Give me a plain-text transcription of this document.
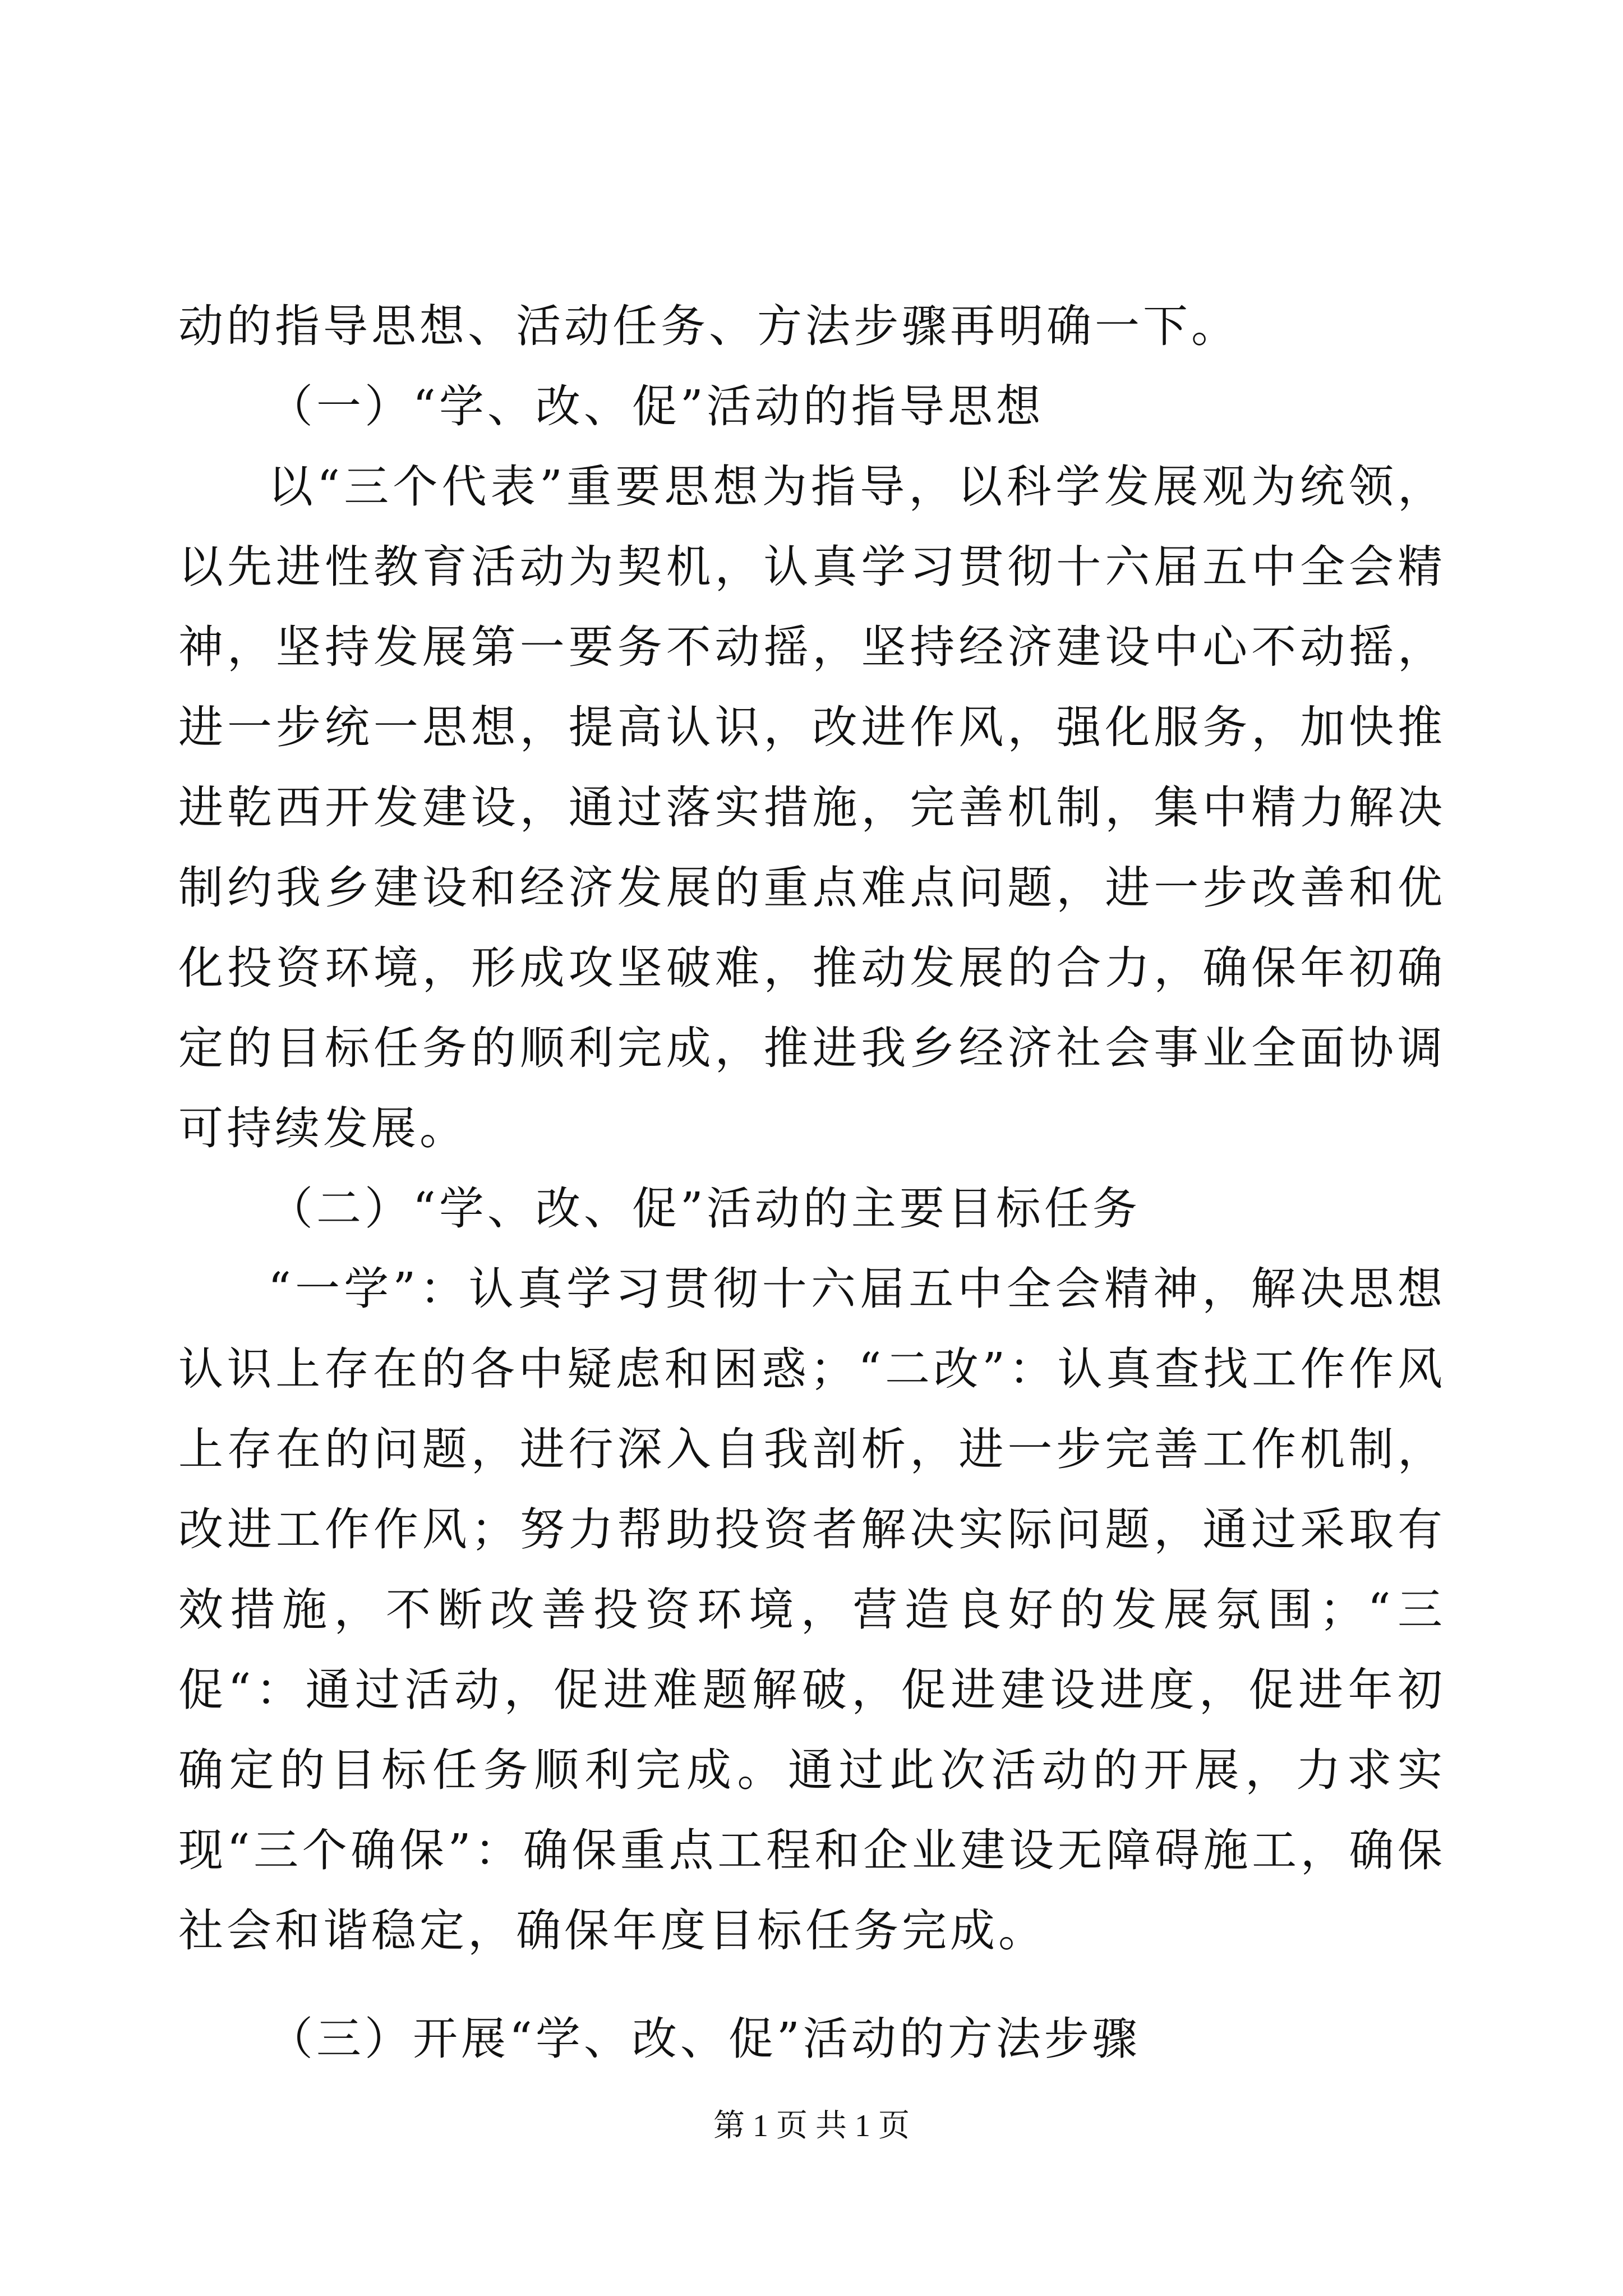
动的指导思想、活动任务、方法步骤再明确一下。

（一）“学、改、促”活动的指导思想

以“三个代表”重要思想为指导，以科学发展观为统领，以先进性教育活动为契机，认真学习贯彻十六届五中全会精神，坚持发展第一要务不动摇，坚持经济建设中心不动摇，进一步统一思想，提高认识，改进作风，强化服务，加快推进乾西开发建设，通过落实措施，完善机制，集中精力解决制约我乡建设和经济发展的重点难点问题，进一步改善和优化投资环境，形成攻坚破难，推动发展的合力，确保年初确定的目标任务的顺利完成，推进我乡经济社会事业全面协调可持续发展。

（二）“学、改、促”活动的主要目标任务

“一学”：认真学习贯彻十六届五中全会精神，解决思想认识上存在的各中疑虑和困惑；“二改”：认真查找工作作风上存在的问题，进行深入自我剖析，进一步完善工作机制，改进工作作风；努力帮助投资者解决实际问题，通过采取有效措施，不断改善投资环境，营造良好的发展氛围；“三促“：通过活动，促进难题解破，促进建设进度，促进年初确定的目标任务顺利完成。通过此次活动的开展，力求实现“三个确保”：确保重点工程和企业建设无障碍施工，确保社会和谐稳定，确保年度目标任务完成。

（三）开展“学、改、促”活动的方法步骤

第 1 页 共 1 页
